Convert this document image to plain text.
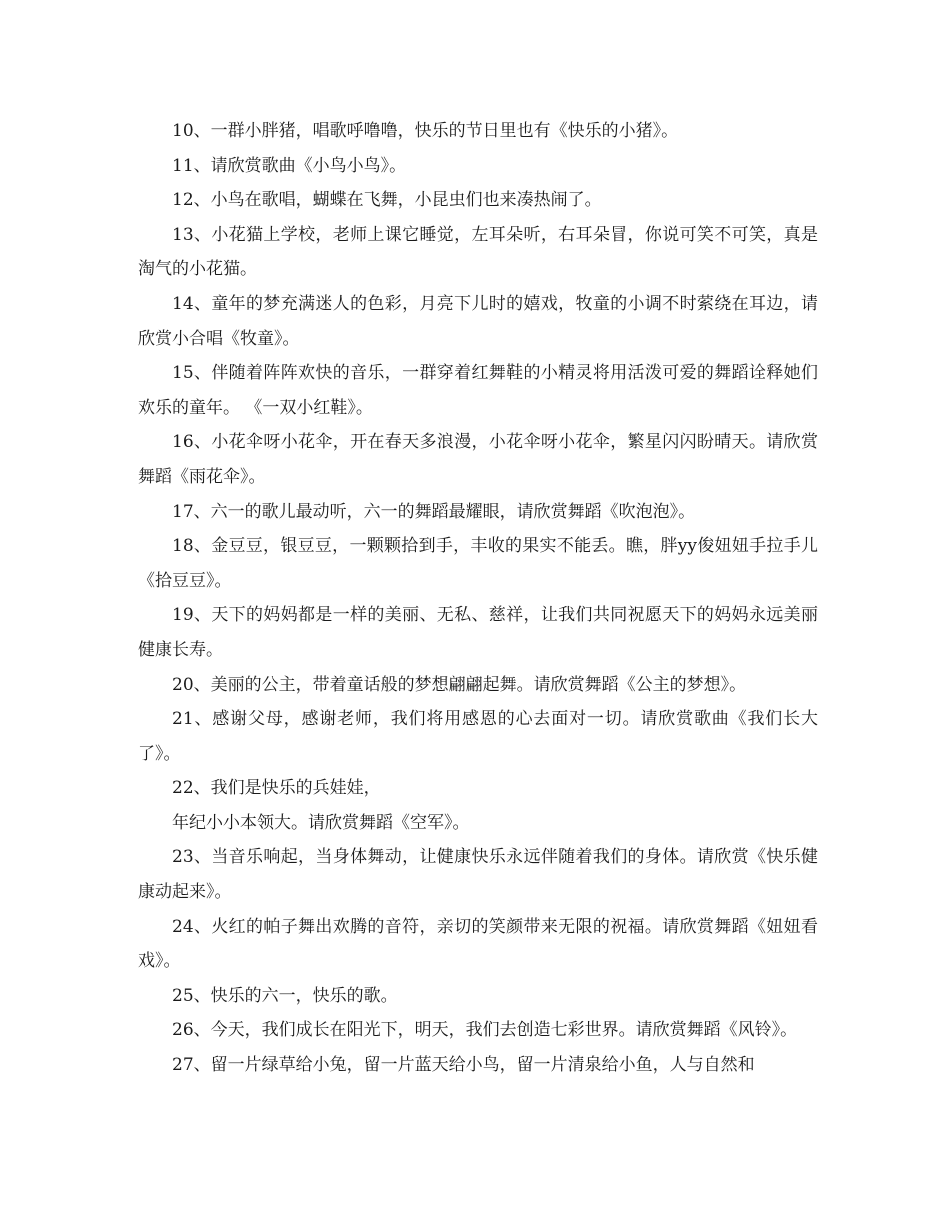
10、一群小胖猪，唱歌呼噜噜，快乐的节日里也有《快乐的小猪》。

11、请欣赏歌曲《小鸟小鸟》。

12、小鸟在歌唱，蝴蝶在飞舞，小昆虫们也来凑热闹了。

13、小花猫上学校，老师上课它睡觉，左耳朵听，右耳朵冒，你说可笑不可笑，真是淘气的小花猫。

14、童年的梦充满迷人的色彩，月亮下儿时的嬉戏，牧童的小调不时萦绕在耳边，请欣赏小合唱《牧童》。

15、伴随着阵阵欢快的音乐，一群穿着红舞鞋的小精灵将用活泼可爱的舞蹈诠释她们欢乐的童年。 《一双小红鞋》。

16、小花伞呀小花伞，开在春天多浪漫，小花伞呀小花伞，繁星闪闪盼晴天。请欣赏舞蹈《雨花伞》。

17、六一的歌儿最动听，六一的舞蹈最耀眼，请欣赏舞蹈《吹泡泡》。

18、金豆豆，银豆豆，一颗颗拾到手，丰收的果实不能丢。瞧，胖yy俊妞妞手拉手儿《拾豆豆》。

19、天下的妈妈都是一样的美丽、无私、慈祥，让我们共同祝愿天下的妈妈永远美丽健康长寿。

20、美丽的公主，带着童话般的梦想翩翩起舞。请欣赏舞蹈《公主的梦想》。

21、感谢父母，感谢老师，我们将用感恩的心去面对一切。请欣赏歌曲《我们长大了》。

22、我们是快乐的兵娃娃，

年纪小小本领大。请欣赏舞蹈《空军》。

23、当音乐响起，当身体舞动，让健康快乐永远伴随着我们的身体。请欣赏《快乐健康动起来》。

24、火红的帕子舞出欢腾的音符，亲切的笑颜带来无限的祝福。请欣赏舞蹈《妞妞看戏》。

25、快乐的六一，快乐的歌。

26、今天，我们成长在阳光下，明天，我们去创造七彩世界。请欣赏舞蹈《风铃》。

27、留一片绿草给小兔，留一片蓝天给小鸟，留一片清泉给小鱼，人与自然和
